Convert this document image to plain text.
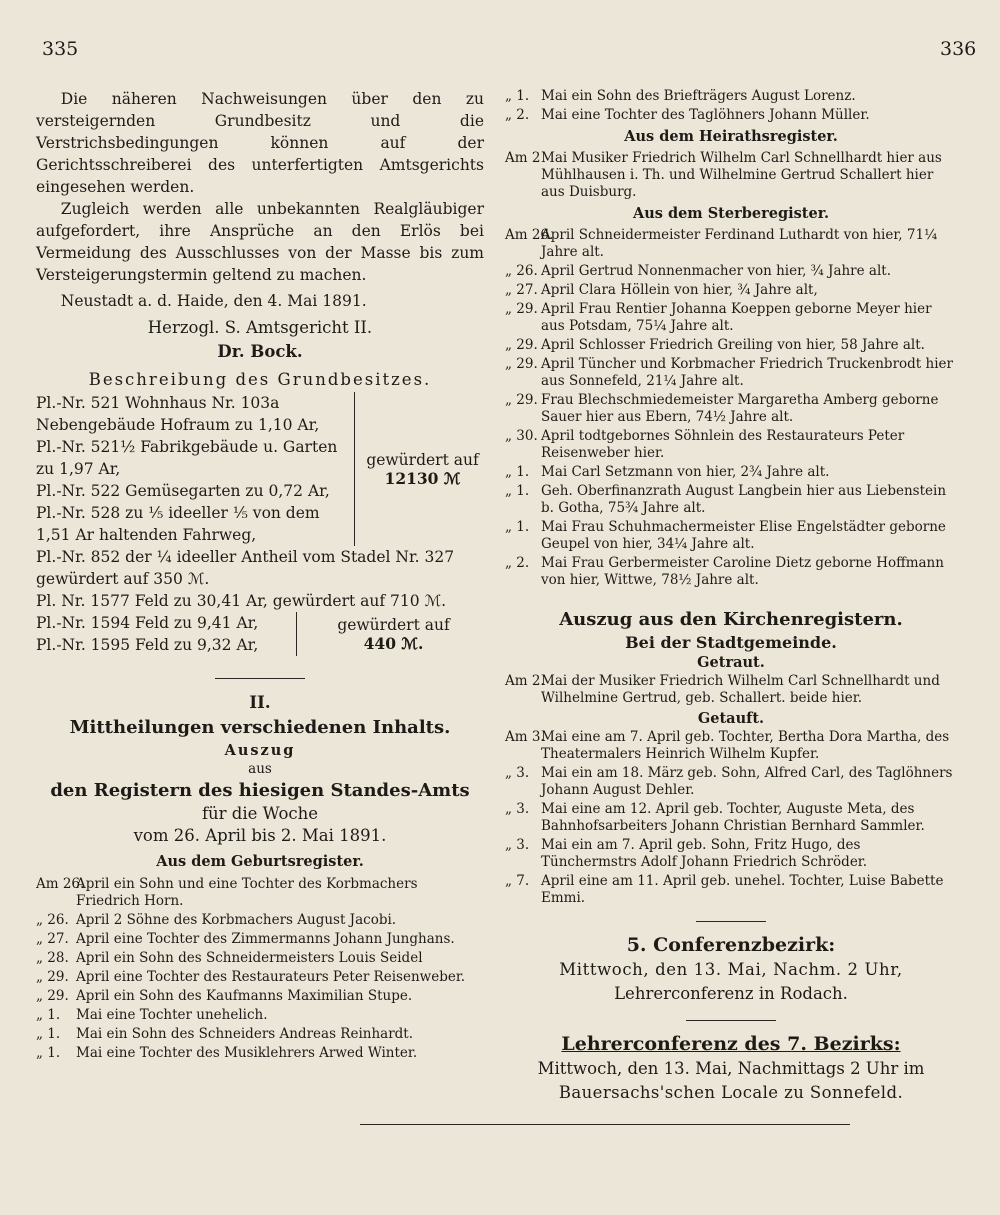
335	336

Die näheren Nachweisungen über den zu versteigernden Grundbesitz und die Verstrichsbedingungen können auf der Gerichtsschreiberei des unterfertigten Amtsgerichts eingesehen werden.

Zugleich werden alle unbekannten Realgläubiger aufgefordert, ihre Ansprüche an den Erlös bei Vermeidung des Ausschlusses von der Masse bis zum Versteigerungstermin geltend zu machen.

Neustadt a. d. Haide, den 4. Mai 1891.

Herzogl. S. Amtsgericht II.

Dr. Bock.

Beschreibung des Grundbesitzes.

Pl.-Nr. 521 Wohnhaus Nr. 103a Nebengebäude Hofraum zu 1,10 Ar,

Pl.-Nr. 521½ Fabrikgebäude u. Garten zu 1,97 Ar,

Pl.-Nr. 522 Gemüsegarten zu 0,72 Ar,

Pl.-Nr. 528 zu ⅕ ideeller ⅕ von dem 1,51 Ar haltenden Fahrweg,

gewürdert auf

12130 ℳ

Pl.-Nr. 852 der ¼ ideeller Antheil vom Stadel Nr. 327 gewürdert auf 350 ℳ.

Pl. Nr. 1577 Feld zu 30,41 Ar, gewürdert auf 710 ℳ.

Pl.-Nr. 1594 Feld zu 9,41 Ar,

Pl.-Nr. 1595 Feld zu 9,32 Ar,

gewürdert auf

440 ℳ.

II.

Mittheilungen verschiedenen Inhalts.

Auszug

aus

den Registern des hiesigen Standes-Amts

für die Woche

vom 26. April bis 2. Mai 1891.

Aus dem Geburtsregister.

Am 26.
April ein Sohn und eine Tochter des Korbmachers Friedrich Horn.
„ 26. April 2 Söhne des Korbmachers August Jacobi.
„ 27. April eine Tochter des Zimmermanns Johann Junghans.
„ 28. April ein Sohn des Schneidermeisters Louis Seidel
„ 29. April eine Tochter des Restaurateurs Peter Reisenweber.
„ 29. April ein Sohn des Kaufmanns Maximilian Stupe.
„ 1. Mai eine Tochter unehelich.
„ 1. Mai ein Sohn des Schneiders Andreas Reinhardt.
„ 1. Mai eine Tochter des Musiklehrers Arwed Winter.
„ 1. Mai ein Sohn des Briefträgers August Lorenz.
„ 2. Mai eine Tochter des Taglöhners Johann Müller.

Aus dem Heirathsregister.

Am 2 Mai Musiker Friedrich Wilhelm Carl Schnellhardt hier aus Mühlhausen i. Th. und Wilhelmine Gertrud Schallert hier aus Duisburg.

Aus dem Sterberegister.

Am 26.
April Schneidermeister Ferdinand Luthardt von hier, 71¼ Jahre alt.
„ 26. April Gertrud Nonnenmacher von hier, ¾ Jahre alt.
„ 27. April Clara Höllein von hier, ¾ Jahre alt,
„ 29. April Frau Rentier Johanna Koeppen geborne Meyer hier aus Potsdam, 75¼ Jahre alt.
„ 29. April Schlosser Friedrich Greiling von hier, 58 Jahre alt.
„ 29. April Tüncher und Korbmacher Friedrich Truckenbrodt hier aus Sonnefeld, 21¼ Jahre alt.
„ 29. Frau Blechschmiedemeister Margaretha Amberg geborne Sauer hier aus Ebern, 74½ Jahre alt.
„ 30. April todtgebornes Söhnlein des Restaurateurs Peter Reisenweber hier.
„ 1. Mai Carl Setzmann von hier, 2¾ Jahre alt.
„ 1. Geh. Oberfinanzrath August Langbein hier aus Liebenstein b. Gotha, 75¾ Jahre alt.
„ 1. Mai Frau Schuhmachermeister Elise Engelstädter geborne Geupel von hier, 34¼ Jahre alt.
„ 2. Mai Frau Gerbermeister Caroline Dietz geborne Hoffmann von hier, Wittwe, 78½ Jahre alt.

Auszug aus den Kirchenregistern.

Bei der Stadtgemeinde.

Getraut.

Am 2.
Mai der Musiker Friedrich Wilhelm Carl Schnellhardt und Wilhelmine Gertrud, geb. Schallert. beide hier.

Getauft.

Am 3.
Mai eine am 7. April geb. Tochter, Bertha Dora Martha, des Theatermalers Heinrich Wilhelm Kupfer.
„ 3. Mai ein am 18. März geb. Sohn, Alfred Carl, des Taglöhners Johann August Dehler.
„ 3. Mai eine am 12. April geb. Tochter, Auguste Meta, des Bahnhofsarbeiters Johann Christian Bernhard Sammler.
„ 3. Mai ein am 7. April geb. Sohn, Fritz Hugo, des Tünchermstrs Adolf Johann Friedrich Schröder.
„ 7. April eine am 11. April geb. unehel. Tochter, Luise Babette Emmi.

5. Conferenzbezirk:

Mittwoch, den 13. Mai, Nachm. 2 Uhr,

Lehrerconferenz in Rodach.

Lehrerconferenz des 7. Bezirks:

Mittwoch, den 13. Mai, Nachmittags 2 Uhr im

Bauersachs'schen Locale zu Sonnefeld.
